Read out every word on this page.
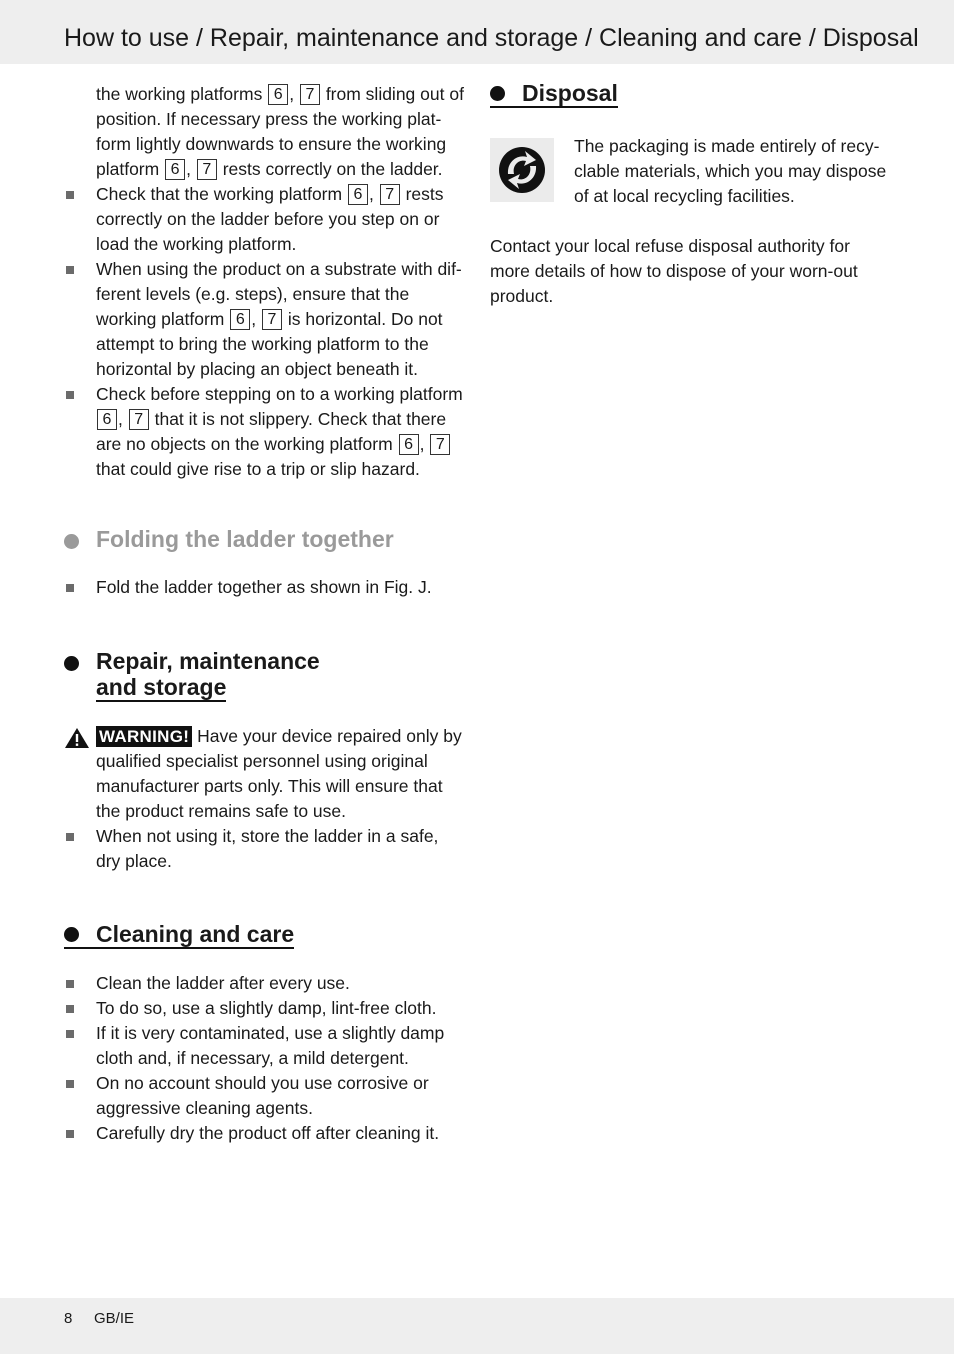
How to use / Repair, maintenance and storage / Cleaning and care / Disposal

the working platforms 6 , 7 from sliding out of position. If necessary press the working plat-form lightly downwards to ensure the working platform 6 , 7 rests correctly on the ladder.

Check that the working platform 6 , 7 rests correctly on the ladder before you step on or load the working platform.
When using the product on a substrate with dif-ferent levels (e.g. steps), ensure that the working platform 6 , 7 is horizontal. Do not attempt to bring the working platform to the horizontal by placing an object beneath it.
Check before stepping on to a working platform 6 , 7 that it is not slippery. Check that there are no objects on the working platform 6 , 7 that could give rise to a trip or slip hazard.
Folding the ladder together
Fold the ladder together as shown in Fig. J.
Repair, maintenance
and storage
WARNING! Have your device repaired only by qualified specialist personnel using original manufacturer parts only. This will ensure that the product remains safe to use.
When not using it, store the ladder in a safe, dry place.
Cleaning and care
Clean the ladder after every use.
To do so, use a slightly damp, lint-free cloth.
If it is very contaminated, use a slightly damp cloth and, if necessary, a mild detergent.
On no account should you use corrosive or aggressive cleaning agents.
Carefully dry the product off after cleaning it.
Disposal

The packaging is made entirely of recy-clable materials, which you may dispose of at local recycling facilities.

Contact your local refuse disposal authority for more details of how to dispose of your worn-out product.

8 GB/IE
